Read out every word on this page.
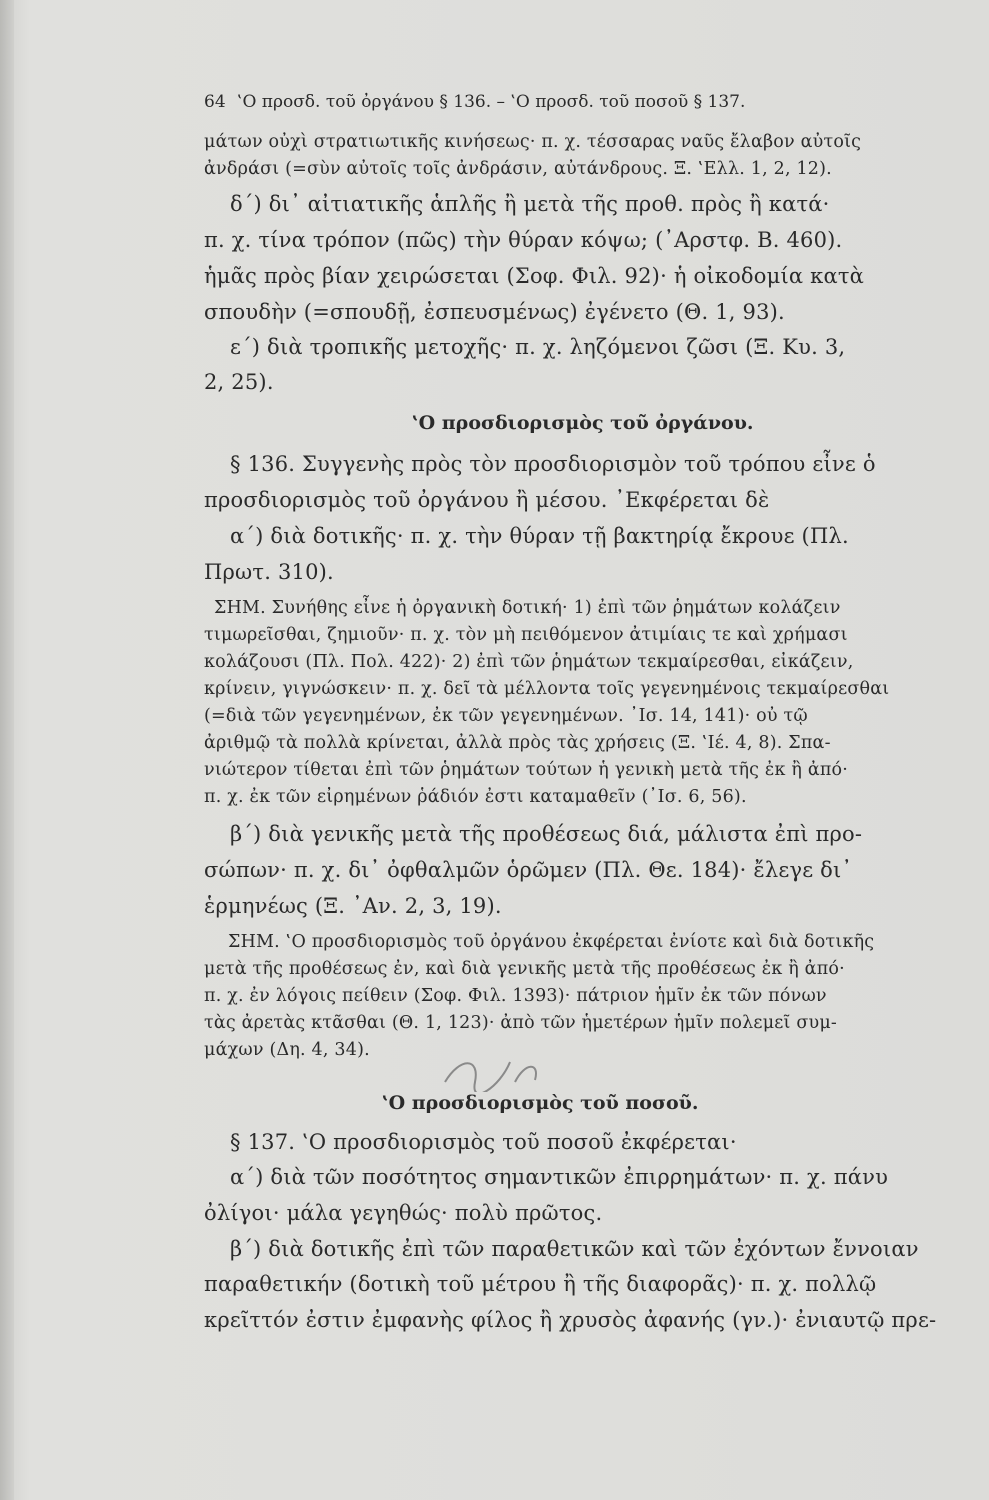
64 ‛Ο προσδ. τοῦ ὀργάνου § 136. – ‛Ο προσδ. τοῦ ποσοῦ § 137.
μάτων οὐχὶ στρατιωτικῆς κινήσεως· π. χ. τέσσαρας ναῦς ἔλαβον αὐτοῖς
ἀνδράσι (=σὺν αὐτοῖς τοῖς ἀνδράσιν, αὐτάνδρους. Ξ. ‛Ελλ. 1, 2, 12).
δ΄) δι᾿ αἰτιατικῆς ἁπλῆς ἢ μετὰ τῆς προθ. πρὸς ἢ κατά·
π. χ. τίνα τρόπον (πῶς) τὴν θύραν κόψω; (᾿Αρστφ. Β. 460).
ἡμᾶς πρὸς βίαν χειρώσεται (Σοφ. Φιλ. 92)· ἡ οἰκοδομία κατὰ
σπουδὴν (=σπουδῇ, ἐσπευσμένως) ἐγένετο (Θ. 1, 93).
ε΄) διὰ τροπικῆς μετοχῆς· π. χ. ληζόμενοι ζῶσι (Ξ. Κυ. 3,
2, 25).
‛Ο προσδιορισμὸς τοῦ ὀργάνου.
§ 136. Συγγενὴς πρὸς τὸν προσδιορισμὸν τοῦ τρόπου εἶνε ὁ
προσδιορισμὸς τοῦ ὀργάνου ἢ μέσου. ᾿Εκφέρεται δὲ
α΄) διὰ δοτικῆς· π. χ. τὴν θύραν τῇ βακτηρίᾳ ἔκρουε (Πλ.
Πρωτ. 310).
ΣΗΜ. Συνήθης εἶνε ἡ ὀργανικὴ δοτική· 1) ἐπὶ τῶν ῥημάτων κολάζειν
τιμωρεῖσθαι, ζημιοῦν· π. χ. τὸν μὴ πειθόμενον ἀτιμίαις τε καὶ χρήμασι
κολάζουσι (Πλ. Πολ. 422)· 2) ἐπὶ τῶν ῥημάτων τεκμαίρεσθαι, εἰκάζειν,
κρίνειν, γιγνώσκειν· π. χ. δεῖ τὰ μέλλοντα τοῖς γεγενημένοις τεκμαίρεσθαι
(=διὰ τῶν γεγενημένων, ἐκ τῶν γεγενημένων. ᾿Ισ. 14, 141)· οὐ τῷ
ἀριθμῷ τὰ πολλὰ κρίνεται, ἀλλὰ πρὸς τὰς χρήσεις (Ξ. ‛Ιέ. 4, 8). Σπα-
νιώτερον τίθεται ἐπὶ τῶν ῥημάτων τούτων ἡ γενικὴ μετὰ τῆς ἐκ ἢ ἀπό·
π. χ. ἐκ τῶν εἰρημένων ῥάδιόν ἐστι καταμαθεῖν (᾿Ισ. 6, 56).
β΄) διὰ γενικῆς μετὰ τῆς προθέσεως διά, μάλιστα ἐπὶ προ-
σώπων· π. χ. δι᾿ ὀφθαλμῶν ὁρῶμεν (Πλ. Θε. 184)· ἔλεγε δι᾿
ἑρμηνέως (Ξ. ᾿Αν. 2, 3, 19).
ΣΗΜ. ‛Ο προσδιορισμὸς τοῦ ὀργάνου ἐκφέρεται ἐνίοτε καὶ διὰ δοτικῆς
μετὰ τῆς προθέσεως ἐν, καὶ διὰ γενικῆς μετὰ τῆς προθέσεως ἐκ ἢ ἀπό·
π. χ. ἐν λόγοις πείθειν (Σοφ. Φιλ. 1393)· πάτριον ἡμῖν ἐκ τῶν πόνων
τὰς ἀρετὰς κτᾶσθαι (Θ. 1, 123)· ἀπὸ τῶν ἡμετέρων ἡμῖν πολεμεῖ συμ-
μάχων (Δη. 4, 34).
‛Ο προσδιορισμὸς τοῦ ποσοῦ.
§ 137. ‛Ο προσδιορισμὸς τοῦ ποσοῦ ἐκφέρεται·
α΄) διὰ τῶν ποσότητος σημαντικῶν ἐπιρρημάτων· π. χ. πάνυ
ὀλίγοι· μάλα γεγηθώς· πολὺ πρῶτος.
β΄) διὰ δοτικῆς ἐπὶ τῶν παραθετικῶν καὶ τῶν ἐχόντων ἔννοιαν
παραθετικήν (δοτικὴ τοῦ μέτρου ἢ τῆς διαφορᾶς)· π. χ. πολλῷ
κρεῖττόν ἐστιν ἐμφανὴς φίλος ἢ χρυσὸς ἀφανής (γν.)· ἐνιαυτῷ πρε-
